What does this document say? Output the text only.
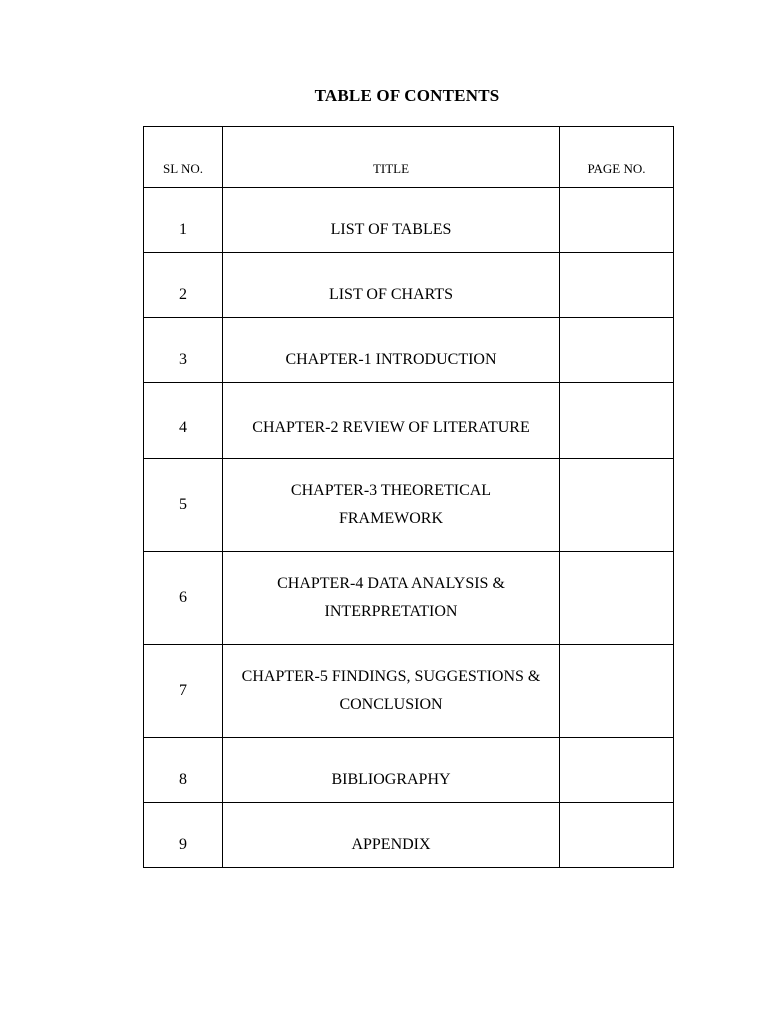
TABLE OF CONTENTS
SL NO.	TITLE	PAGE NO.
1	LIST OF TABLES	
2	LIST OF CHARTS	
3	CHAPTER-1 INTRODUCTION	
4	CHAPTER-2 REVIEW OF LITERATURE	
5	CHAPTER-3 THEORETICAL FRAMEWORK	

6	CHAPTER-4 DATA ANALYSIS & INTERPRETATION	

7	CHAPTER-5 FINDINGS, SUGGESTIONS & CONCLUSION	

8	BIBLIOGRAPHY	
9	APPENDIX	
